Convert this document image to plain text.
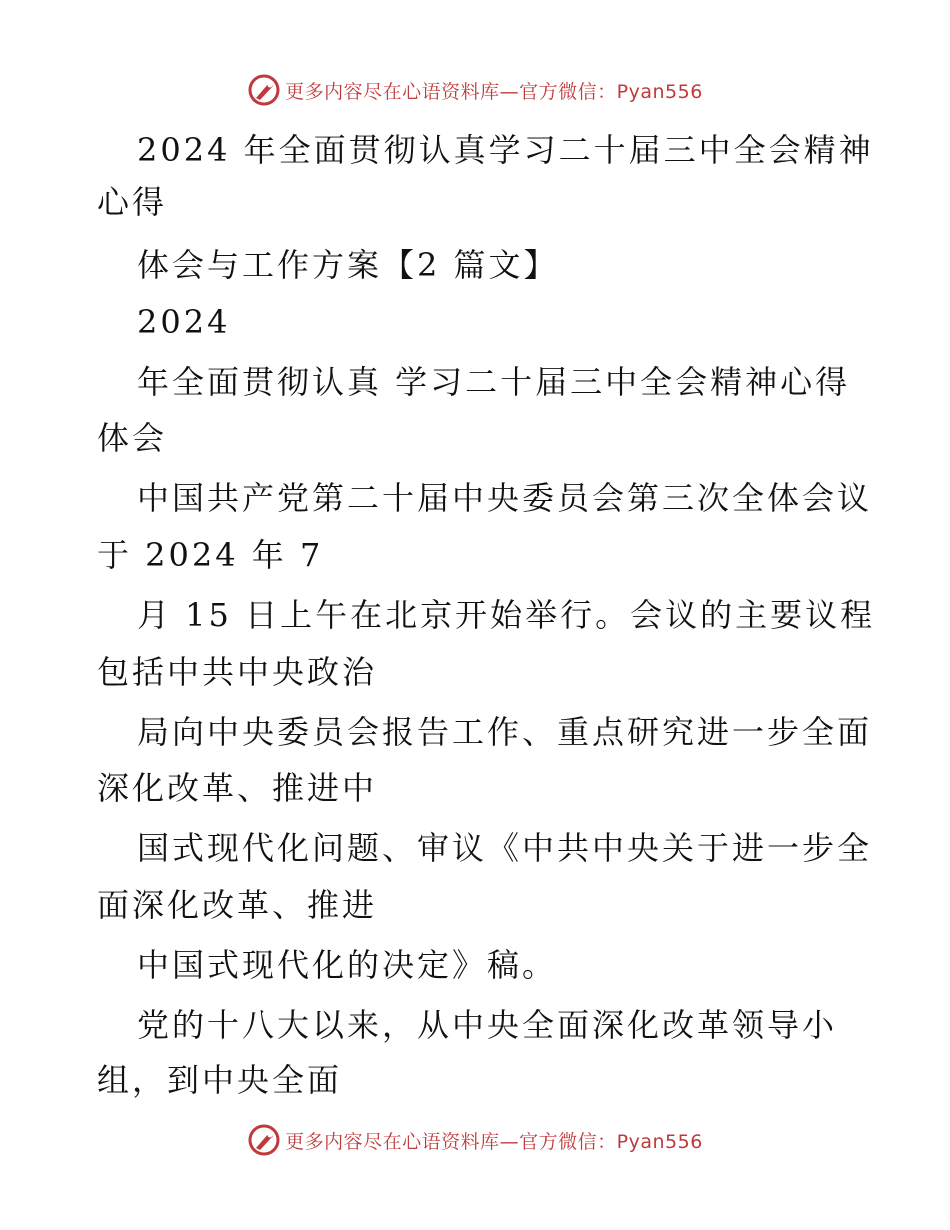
更多内容尽在心语资料库—官方微信：Pyan556
2024 年全面贯彻认真学习二十届三中全会精神
心得
体会与工作方案【2 篇文】
2024
年全面贯彻认真 学习二十届三中全会精神心得
体会
中国共产党第二十届中央委员会第三次全体会议
于 2024 年 7
月 15 日上午在北京开始举行。会议的主要议程
包括中共中央政治
局向中央委员会报告工作、重点研究进一步全面
深化改革、推进中
国式现代化问题、审议《中共中央关于进一步全
面深化改革、推进
中国式现代化的决定》稿。
党的十八大以来，从中央全面深化改革领导小
组，到中央全面
更多内容尽在心语资料库—官方微信：Pyan556
